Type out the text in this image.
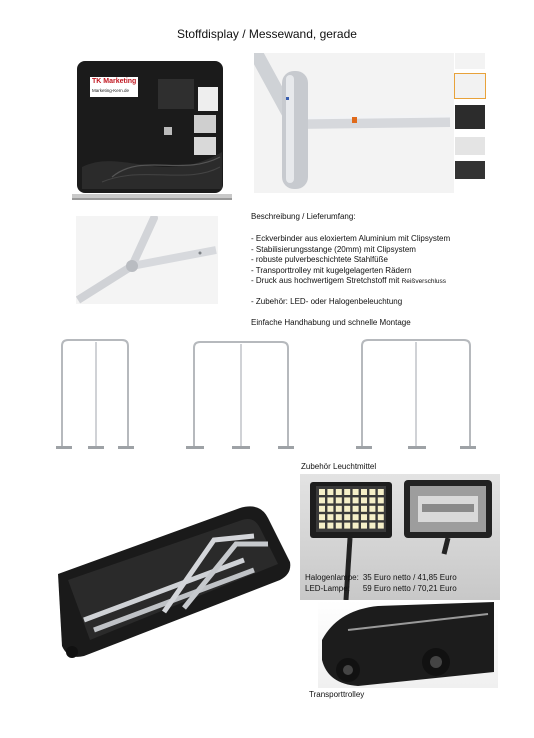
Stoffdisplay / Messewand, gerade
TK Marketing
Marketing-Kern.de
Beschreibung / Lieferumfang:
- Eckverbinder aus eloxiertem Aluminium mit Clipsystem
- Stabilisierungsstange (20mm) mit Clipsystem
- robuste pulverbeschichtete Stahlfüße
- Transporttrolley mit kugelgelagerten Rädern
- Druck aus hochwertigem Stretchstoff mit Reißverschluss
- Zubehör: LED- oder Halogenbeleuchtung
Einfache Handhabung und schnelle Montage
Zubehör Leuchtmittel
Halogenlampe:	35 Euro netto / 41,85 Euro
LED-Lampe:	59 Euro netto / 70,21 Euro
Transporttrolley
